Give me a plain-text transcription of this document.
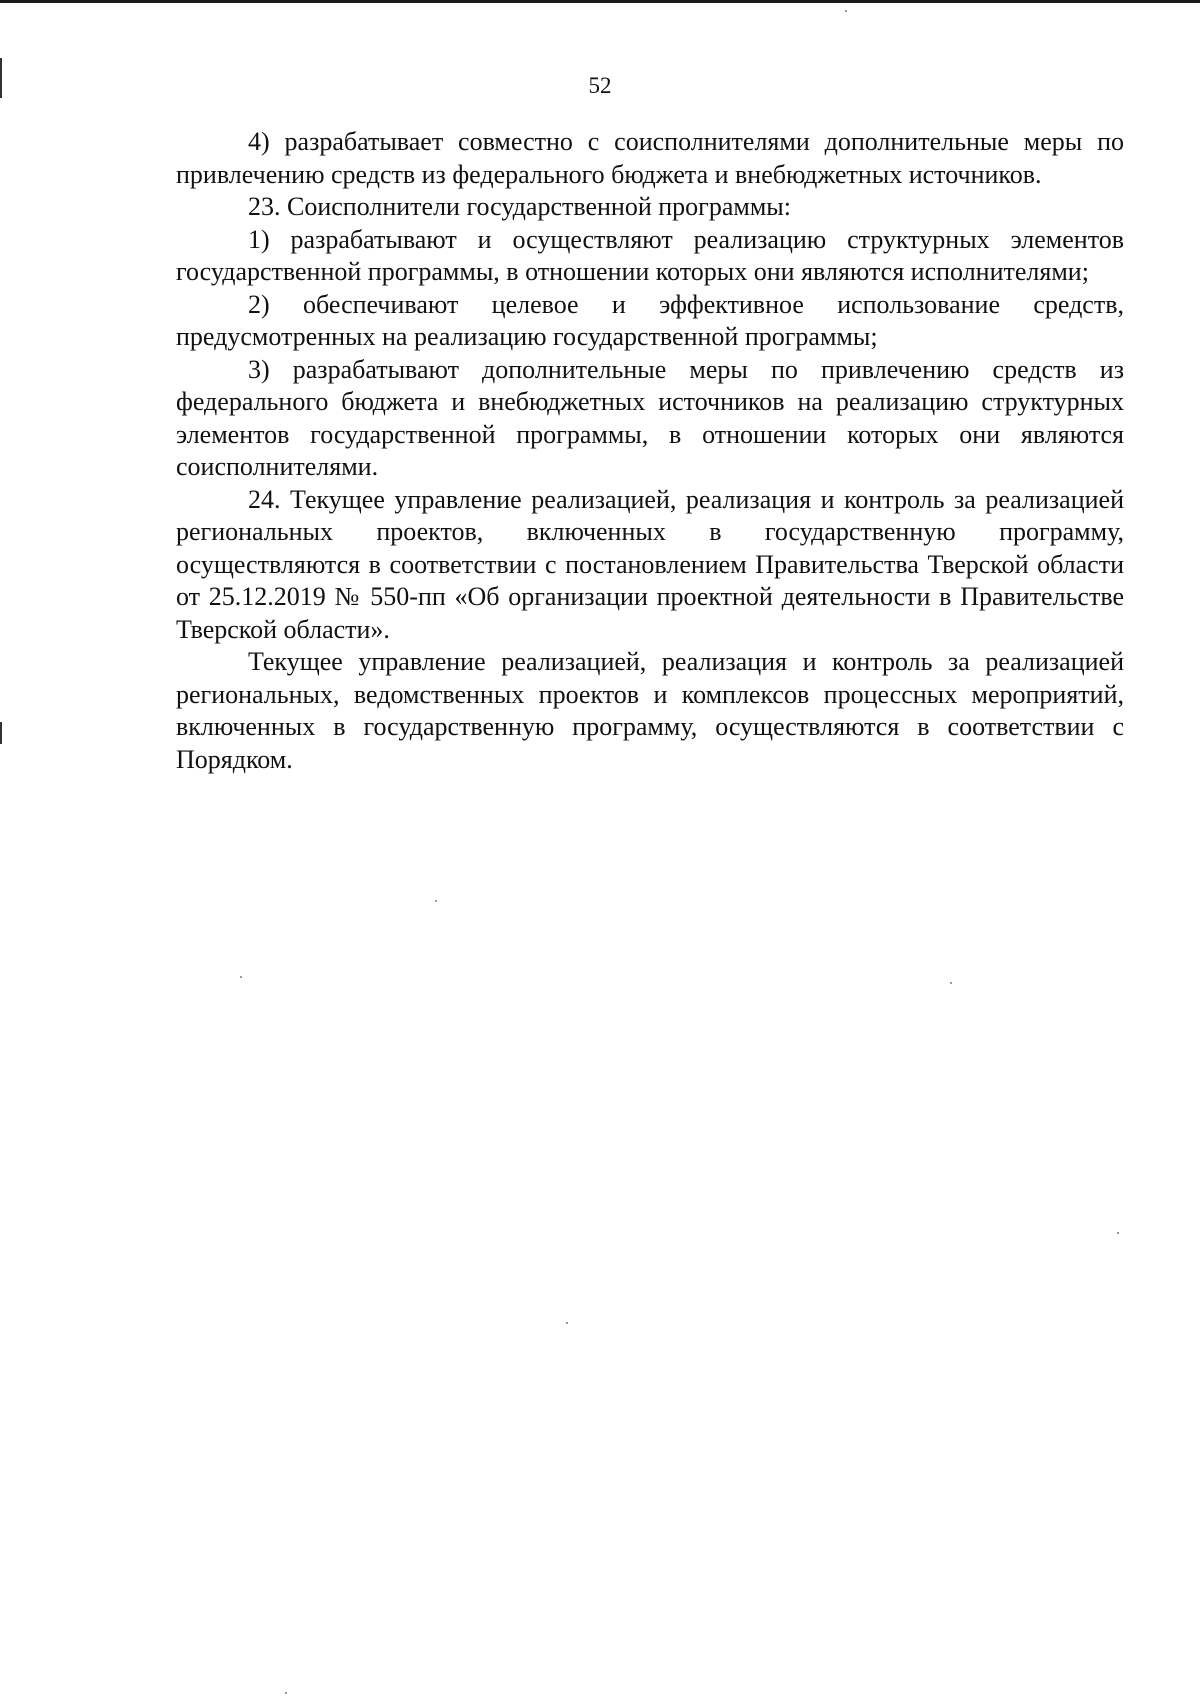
52

4) разрабатывает совместно с соисполнителями дополнительные меры по привлечению средств из федерального бюджета и внебюджетных источников.

23. Соисполнители государственной программы:

1) разрабатывают и осуществляют реализацию структурных элементов государственной программы, в отношении которых они являются исполнителями;

2) обеспечивают целевое и эффективное использование средств, предусмотренных на реализацию государственной программы;

3) разрабатывают дополнительные меры по привлечению средств из федерального бюджета и внебюджетных источников на реализацию структурных элементов государственной программы, в отношении которых они являются соисполнителями.

24. Текущее управление реализацией, реализация и контроль за реализацией региональных проектов, включенных в государственную программу, осуществляются в соответствии с постановлением Правительства Тверской области от 25.12.2019 № 550-пп «Об организации проектной деятельности в Правительстве Тверской области».

Текущее управление реализацией, реализация и контроль за реализацией региональных, ведомственных проектов и комплексов процессных мероприятий, включенных в государственную программу, осуществляются в соответствии с Порядком.
